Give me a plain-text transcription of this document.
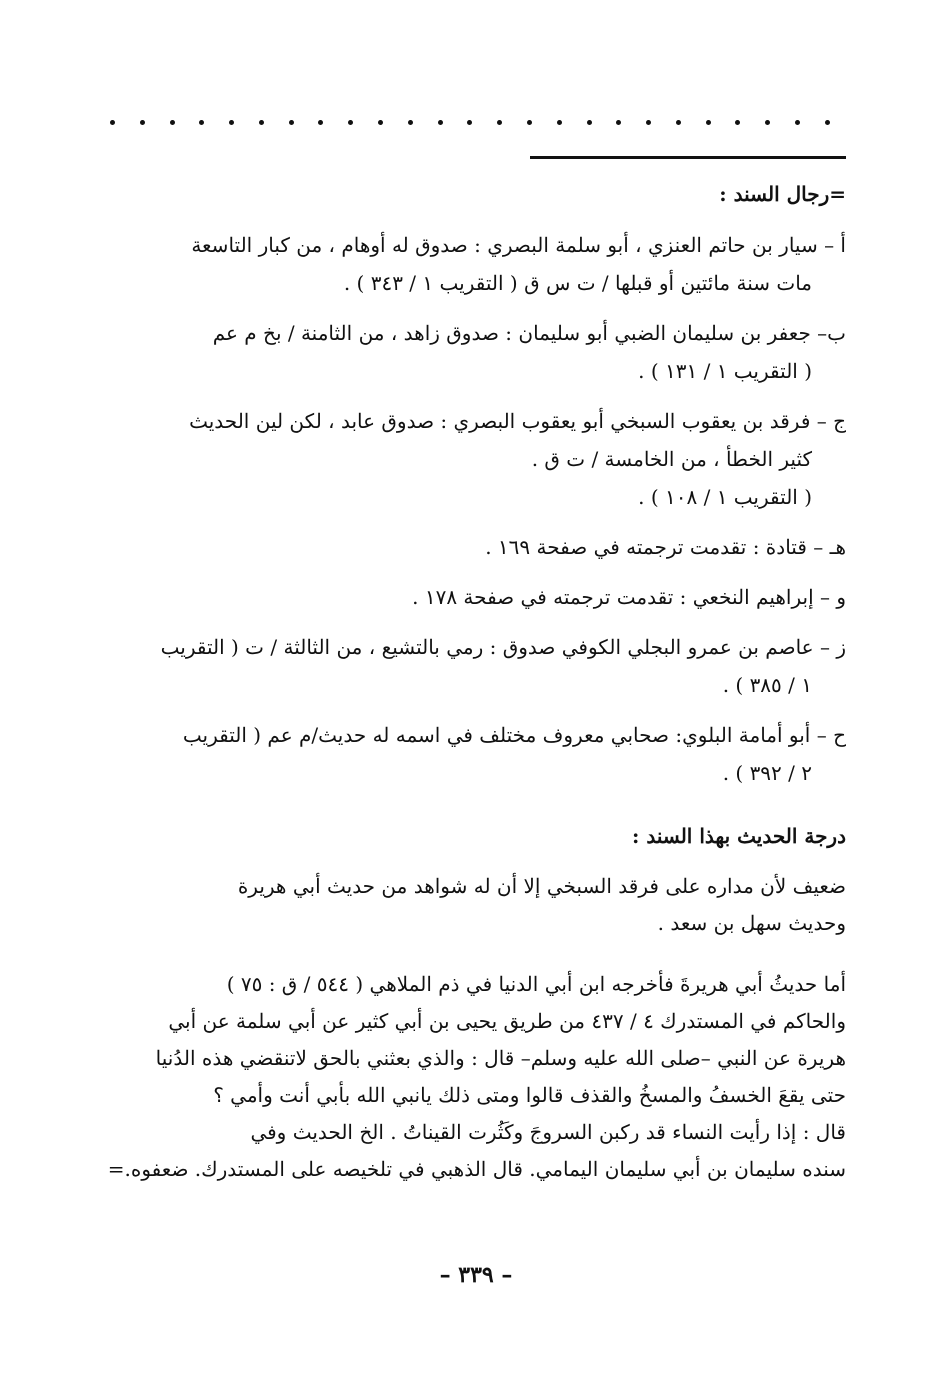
=رجال السند :

أ – سيار بن حاتم العنزي ، أبو سلمة البصري : صدوق له أوهام ، من كبار التاسعة
مات سنة مائتين أو قبلها / ت س ق ( التقريب ١ / ٣٤٣ ) .
ب– جعفر بن سليمان الضبي أبو سليمان : صدوق زاهد ، من الثامنة / بخ م عم
( التقريب ١ / ١٣١ ) .
ج – فرقد بن يعقوب السبخي أبو يعقوب البصري : صدوق عابد ، لكن لين الحديث
كثير الخطأ ، من الخامسة / ت ق .
( التقريب ١ / ١٠٨ ) .
هـ – قتادة : تقدمت ترجمته في صفحة ١٦٩ .
و – إبراهيم النخعي : تقدمت ترجمته في صفحة ١٧٨ .
ز – عاصم بن عمرو البجلي الكوفي صدوق : رمي بالتشيع ، من الثالثة / ت ( التقريب
١ / ٣٨٥ ) .
ح – أبو أمامة البلوي: صحابي معروف مختلف في اسمه له حديث/م عم ( التقريب
٢ / ٣٩٢ ) .

درجة الحديث بهذا السند :

ضعيف لأن مداره على فرقد السبخي إلا أن له شواهد من حديث أبي هريرة
وحديث سهل بن سعد .
أما حديثُ أبي هريرةَ فأخرجه ابن أبي الدنيا في ذم الملاهي ( ٥٤٤ / ق : ٧٥ )
والحاكم في المستدرك ٤ / ٤٣٧ من طريق يحيى بن أبي كثير عن أبي سلمة عن أبي
هريرة عن النبي –صلى الله عليه وسلم– قال : والذي بعثني بالحق لاتنقضي هذه الدُنيا
حتى يقعَ الخسفُ والمسخُ والقذف قالوا ومتى ذلك يانبي الله بأبي أنت وأمي ؟
قال : إذا رأيت النساء قد ركبن السروجَ وكَثُرت القيناتُ . الخ الحديث وفي
سنده سليمان بن أبي سليمان اليمامي. قال الذهبي في تلخيصه على المستدرك. ضعفوه.=
– ٣٣٩ –
